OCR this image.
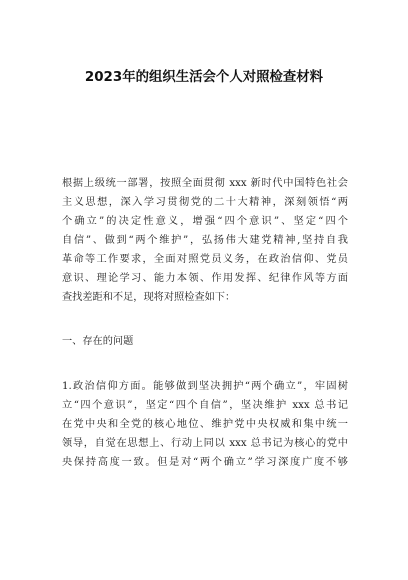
2023年的组织生活会个人对照检查材料
根据上级统一部署，按照全面贯彻 xxx 新时代中国特色社会
主义思想，深入学习贯彻党的二十大精神，深刻领悟“两
个确立”的决定性意义，增强“四个意识”、坚定“四个
自信”、做到“两个维护”，弘扬伟大建党精神,坚持自我
革命等工作要求，全面对照党员义务，在政治信仰、党员
意识、理论学习、能力本领、作用发挥、纪律作风等方面
查找差距和不足，现将对照检查如下：
一、存在的问题
1.政治信仰方面。能够做到坚决拥护“两个确立”，牢固树
立“四个意识”，坚定“四个自信”，坚决维护 xxx 总书记
在党中央和全党的核心地位、维护党中央权威和集中统一
领导，自觉在思想上、行动上同以 xxx 总书记为核心的党中
央保持高度一致。但是对“两个确立”学习深度广度不够
